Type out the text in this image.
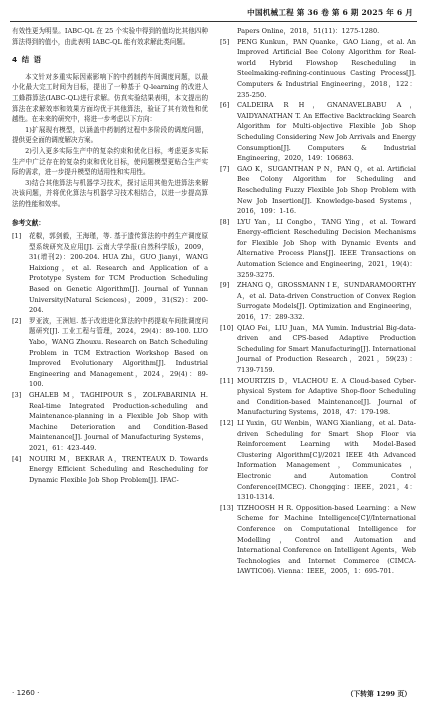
中国机械工程 第 36 卷 第 6 期 2025 年 6 月

有效性更为明显。IABC-QL 在 25 个实验中得到的值均比其他四种算法得到的值小，由此表明 IABC-QL 能有效求解此类问题。

4 结 语

本文针对多重实际因素影响下的中药制药车间调度问题，以最小化最大完工时间为目标，提出了一种基于 Q-learning 的改进人工蜂群算法(IABC-QL)进行求解。仿真实验结果表明，本文提出的算法在求解效率和效果方面均优于其他算法，验证了其有效性和优越性。在未来的研究中，将进一步考虑以下方向：

1)扩展现有模型，以涵盖中药制药过程中多阶段的调度问题，提供更全面的调度解决方案。

2)引入更多实际生产中的复杂约束和优化目标，考虑更多实际生产中广泛存在的复杂约束和优化目标，使问题模型更贴合生产实际的需求，进一步提升模型的适用性和实用性。

3)结合其他算法与机器学习技术，探讨运用其他先进算法来解决该问题，并将优化算法与机器学习技术相结合，以进一步提高算法的性能和效率。

参考文献：
[1]	花椒，郭剑毅，王海瑾，等. 基于遗传算法的中药生产调度原型系统研究及应用[J]. 云南大学学报(自然科学版)，2009，31(增刊2)：200-204. HUA Zhi，GUO Jianyi，WANG Haixiong，et al. Research and Application of a Prototype System for TCM Production Scheduling Based on Genetic Algorithm[J]. Journal of Yunnan University(Natural Sciences)，2009，31(S2)：200-204.
[2]	罗亚波，王洲旭. 基于改进进化算法的中药提取车间批调度问题研究[J]. 工业工程与管理，2024，29(4)：89-100. LUO Yabo，WANG Zhouxu. Research on Batch Scheduling Problem in TCM Extraction Workshop Based on Improved Evolutionary Algorithm[J]. Industrial Engineering and Management，2024，29(4)：89-100.
[3]	GHALEB M，TAGHIPOUR S，ZOLFABARINIA H. Real-time Integrated Production-scheduling and Maintenance-planning in a Flexible Job Shop with Machine Deterioration and Condition-Based Maintenance[J]. Journal of Manufacturing Systems，2021，61：423-449.
[4]	NOUIRI M，BEKRAR A，TRENTEAUX D. Towards Energy Efficient Scheduling and Rescheduling for Dynamic Flexible Job Shop Problem[J]. IFAC-
Papers Online，2018，51(11)：1275-1280.
[5]	PENG Kunkun，PAN Quanke，GAO Liang，et al. An Improved Artificial Bee Colony Algorithm for Real-world Hybrid Flowshop Rescheduling in Steelmaking-refining-continuous Casting Process[J]. Computers & Industrial Engineering，2018，122：235-250.
[6]	CALDEIRA R H，GNANAVELBABU A，VAIDYANATHAN T. An Effective Backtracking Search Algorithm for Multi-objective Flexible Job Shop Scheduling Considering New Job Arrivals and Energy Consumption[J]. Computers & Industrial Engineering，2020，149：106863.
[7]	GAO K，SUGANTHAN P N，PAN Q，et al. Artificial Bee Colony Algorithm for Scheduling and Rescheduling Fuzzy Flexible Job Shop Problem with New Job Insertion[J]. Knowledge-based Systems，2016，109：1-16.
[8]	LYU Yan，LI Congbo，TANG Ying，et al. Toward Energy-efficient Rescheduling Decision Mechanisms for Flexible Job Shop with Dynamic Events and Alternative Process Plans[J]. IEEE Transactions on Automation Science and Engineering，2021，19(4)：3259-3275.
[9]	ZHANG Q，GROSSMANN I E，SUNDARAMOORTHY A，et al. Data-driven Construction of Convex Region Surrogate Models[J]. Optimization and Engineering，2016，17：289-332.
[10] QIAO Fei，LIU Juan，MA Yumin. Industrial Big-data-driven and CPS-based Adaptive Production Scheduling for Smart Manufacturing[J]. International Journal of Production Research，2021，59(23)：7139-7159.
[11] MOURTZIS D，VLACHOU E. A Cloud-based Cyber-physical System for Adaptive Shop-floor Scheduling and Condition-based Maintenance[J]. Journal of Manufacturing Systems，2018，47：179-198.
[12] LI Yuxin，GU Wenbin，WANG Xianliang，et al. Data-driven Scheduling for Smart Shop Floor via Reinforcement Learning with Model-Based Clustering Algorithm[C]//2021 IEEE 4th Advanced Information Management，Communicates，Electronic and Automation Control Conference(IMCEC). Chongqing：IEEE，2021，4：1310-1314.
[13] TIZHOOSH H R. Opposition-based Learning：a New Scheme for Machine Intelligence[C]//International Conference on Computational Intelligence for Modelling，Control and Automation and International Conference on Intelligent Agents，Web Technologies and Internet Commerce (CIMCA-IAWTIC06). Vienna：IEEE，2005，1：695-701.
· 1260 ·	（下转第 1299 页）
